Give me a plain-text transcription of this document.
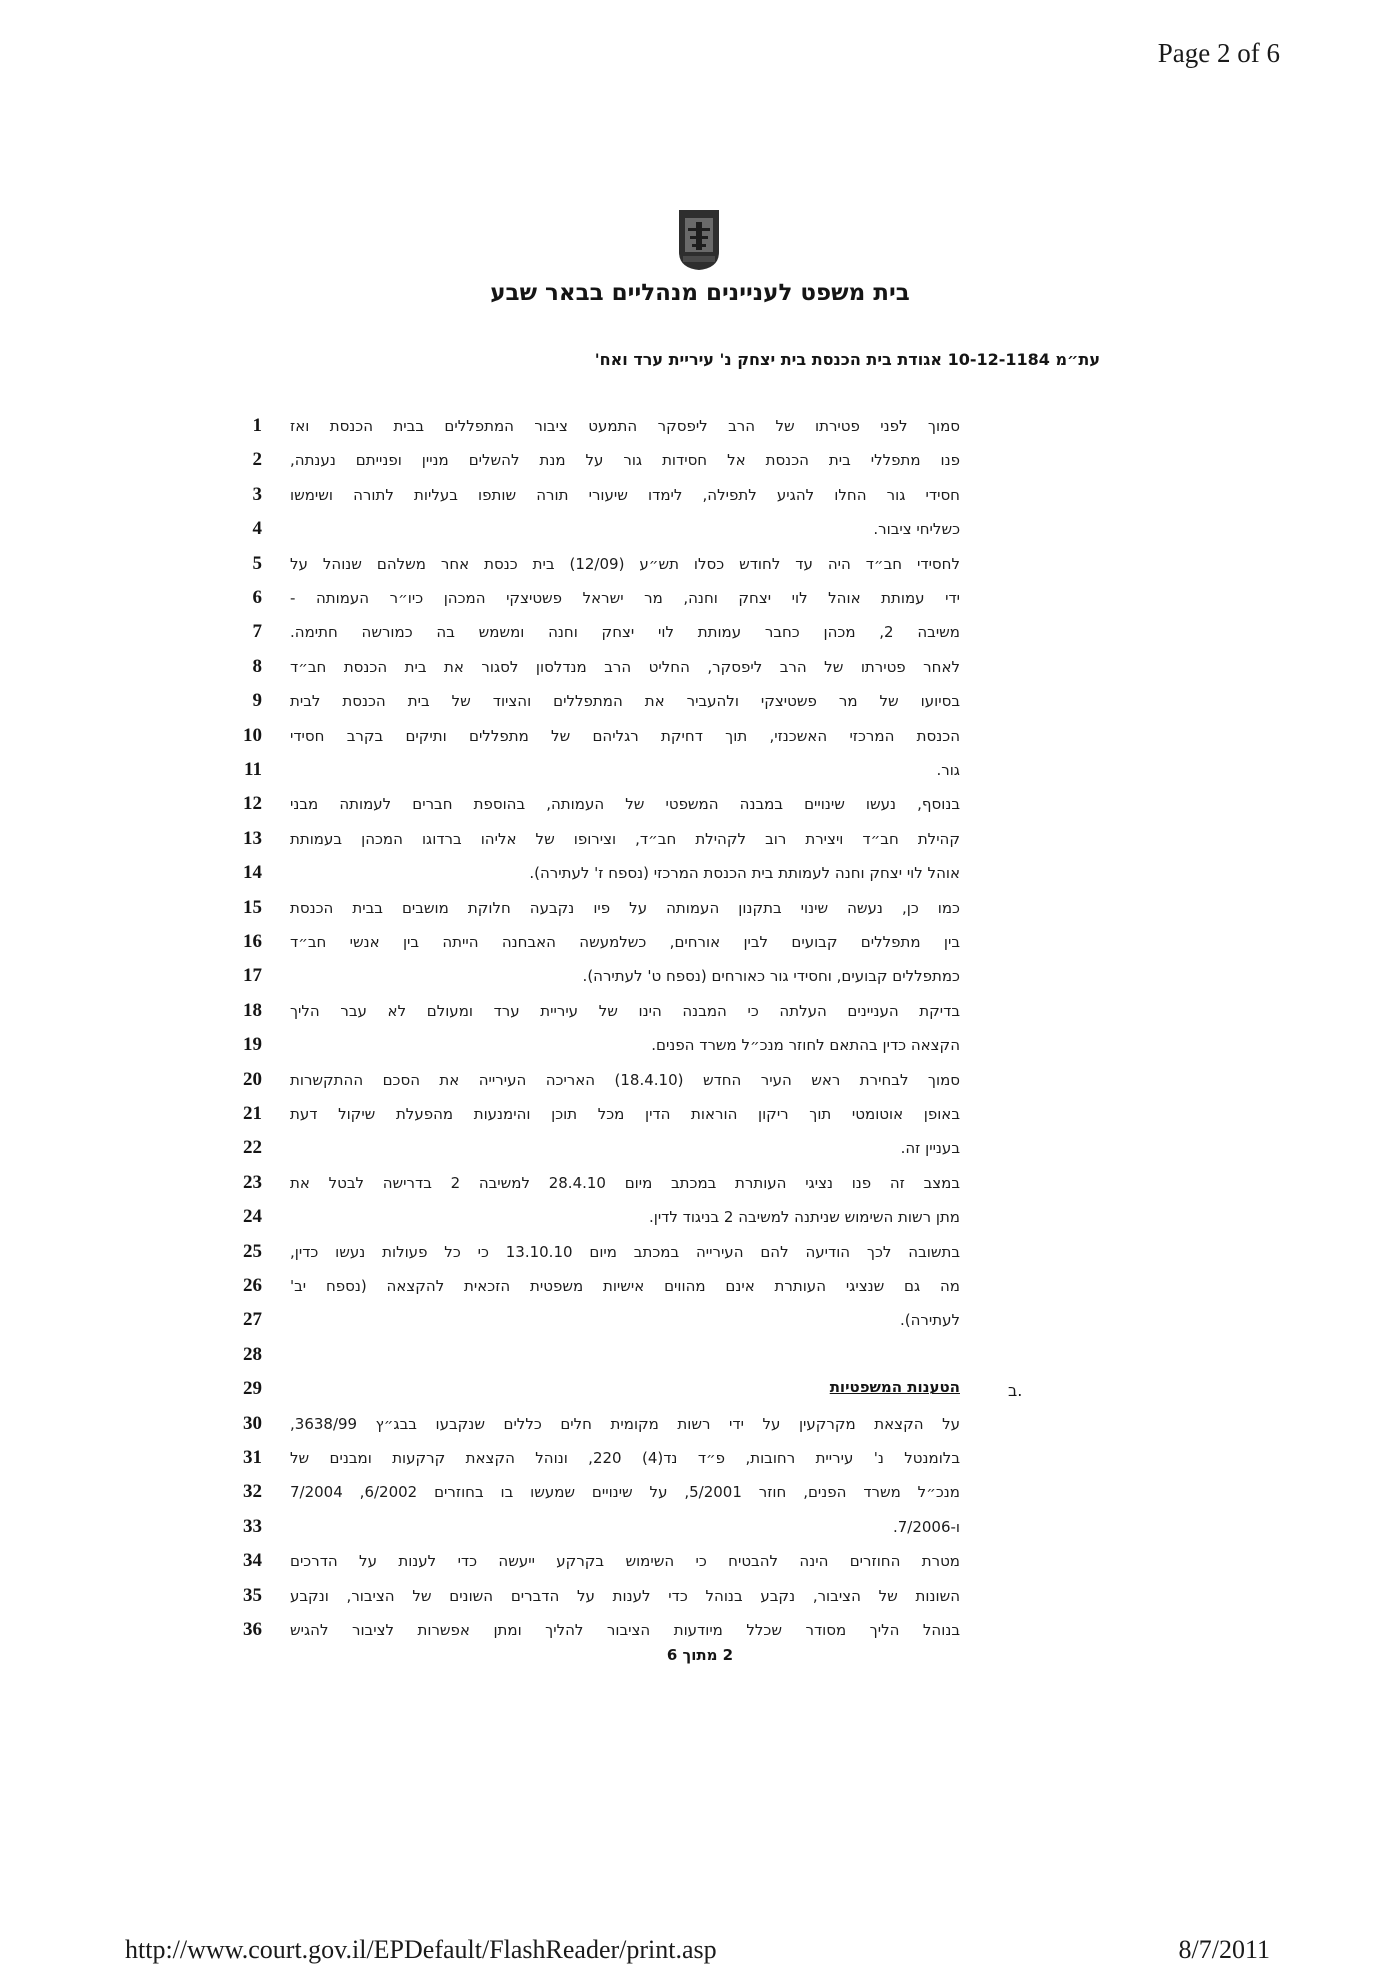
Page 2 of 6
בית משפט לעניינים מנהליים בבאר שבע
עת״מ 10-12-1184 אגודת בית הכנסת בית יצחק נ' עיריית ערד ואח'
1 סמוך לפני פטירתו של הרב ליפסקר התמעט ציבור המתפללים בבית הכנסת ואז
2 פנו מתפללי בית הכנסת אל חסידות גור על מנת להשלים מניין ופנייתם נענתה,
3 חסידי גור החלו להגיע לתפילה, לימדו שיעורי תורה שותפו בעליות לתורה ושימשו
4	כשליחי ציבור.
5 לחסידי חב״ד היה עד לחודש כסלו תש״ע (12/09) בית כנסת אחר משלהם שנוהל על
6 ידי עמותת אוהל לוי יצחק וחנה, מר ישראל פשטיצקי המכהן כיו״ר העמותה -
7 משיבה 2, מכהן כחבר עמותת לוי יצחק וחנה ומשמש בה כמורשה חתימה.
8 לאחר פטירתו של הרב ליפסקר, החליט הרב מנדלסון לסגור את בית הכנסת חב״ד
9 בסיועו של מר פשטיצקי ולהעביר את המתפללים והציוד של בית הכנסת לבית
10 הכנסת המרכזי האשכנזי, תוך דחיקת רגליהם של מתפללים ותיקים בקרב חסידי
11	גור.
12 בנוסף, נעשו שינויים במבנה המשפטי של העמותה, בהוספת חברים לעמותה מבני
13 קהילת חב״ד ויצירת רוב לקהילת חב״ד, וצירופו של אליהו ברדוגו המכהן בעמותת
14	אוהל לוי יצחק וחנה לעמותת בית הכנסת המרכזי (נספח ז' לעתירה).
15 כמו כן, נעשה שינוי בתקנון העמותה על פיו נקבעה חלוקת מושבים בבית הכנסת
16 בין מתפללים קבועים לבין אורחים, כשלמעשה האבחנה הייתה בין אנשי חב״ד
17	כמתפללים קבועים, וחסידי גור כאורחים (נספח ט' לעתירה).
18 בדיקת העניינים העלתה כי המבנה הינו של עיריית ערד ומעולם לא עבר הליך
19	הקצאה כדין בהתאם לחוזר מנכ״ל משרד הפנים.
20 סמוך לבחירת ראש העיר החדש (18.4.10) האריכה העירייה את הסכם ההתקשרות
21 באופן אוטומטי תוך ריקון הוראות הדין מכל תוכן והימנעות מהפעלת שיקול דעת
22	בעניין זה.
23 במצב זה פנו נציגי העותרת במכתב מיום 28.4.10 למשיבה 2 בדרישה לבטל את
24	מתן רשות השימוש שניתנה למשיבה 2 בניגוד לדין.
25 בתשובה לכך הודיעה להם העירייה במכתב מיום 13.10.10 כי כל פעולות נעשו כדין,
26 מה גם שנציגי העותרת אינם מהווים אישיות משפטית הזכאית להקצאה (נספח יב'
27	לעתירה).
28
29
30 על הקצאת מקרקעין על ידי רשות מקומית חלים כללים שנקבעו בבג״ץ 3638/99,
31 בלומנטל נ' עיריית רחובות, פ״ד נד(4) 220, ונוהל הקצאת קרקעות ומבנים של
32 מנכ״ל משרד הפנים, חוזר 5/2001, על שינויים שמעשו בו בחוזרים 6/2002, 7/2004
33	ו-7/2006.
34 מטרת החוזרים הינה להבטיח כי השימוש בקרקע ייעשה כדי לענות על הדרכים
35 השונות של הציבור, נקבע בנוהל כדי לענות על הדברים השונים של הציבור, ונקבע
36 בנוהל הליך מסודר שכלל מיודעות הציבור להליך ומתן אפשרות לציבור להגיש
ב.
הטענות המשפטיות
2 מתוך 6
http://www.court.gov.il/EPDefault/FlashReader/print.asp	8/7/2011
